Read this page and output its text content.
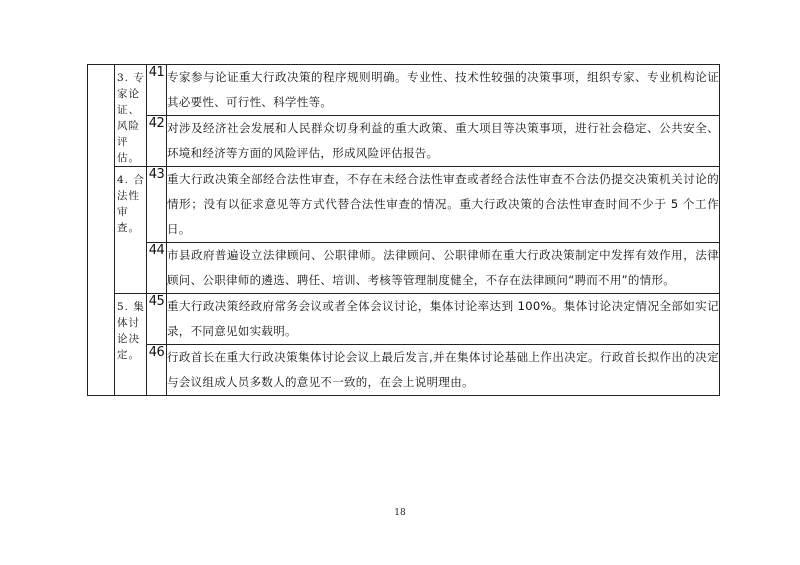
	3. 专家论证、风险评估。	41	专家参与论证重大行政决策的程序规则明确。专业性、技术性较强的决策事项，组织专家、专业机构论证其必要性、可行性、科学性等。
		42	对涉及经济社会发展和人民群众切身利益的重大政策、重大项目等决策事项，进行社会稳定、公共安全、环境和经济等方面的风险评估，形成风险评估报告。

	4. 合法性审查。	43	重大行政决策全部经合法性审查，不存在未经合法性审查或者经合法性审查不合法仍提交决策机关讨论的情形；没有以征求意见等方式代替合法性审查的情况。重大行政决策的合法性审查时间不少于 5 个工作日。
		44	市县政府普遍设立法律顾问、公职律师。法律顾问、公职律师在重大行政决策制定中发挥有效作用，法律顾问、公职律师的遴选、聘任、培训、考核等管理制度健全，不存在法律顾问“聘而不用”的情形。

	5. 集体讨论决定。	45	重大行政决策经政府常务会议或者全体会议讨论，集体讨论率达到 100%。集体讨论决定情况全部如实记录，不同意见如实载明。
		46	行政首长在重大行政决策集体讨论会议上最后发言,并在集体讨论基础上作出决定。行政首长拟作出的决定与会议组成人员多数人的意见不一致的，在会上说明理由。
18
